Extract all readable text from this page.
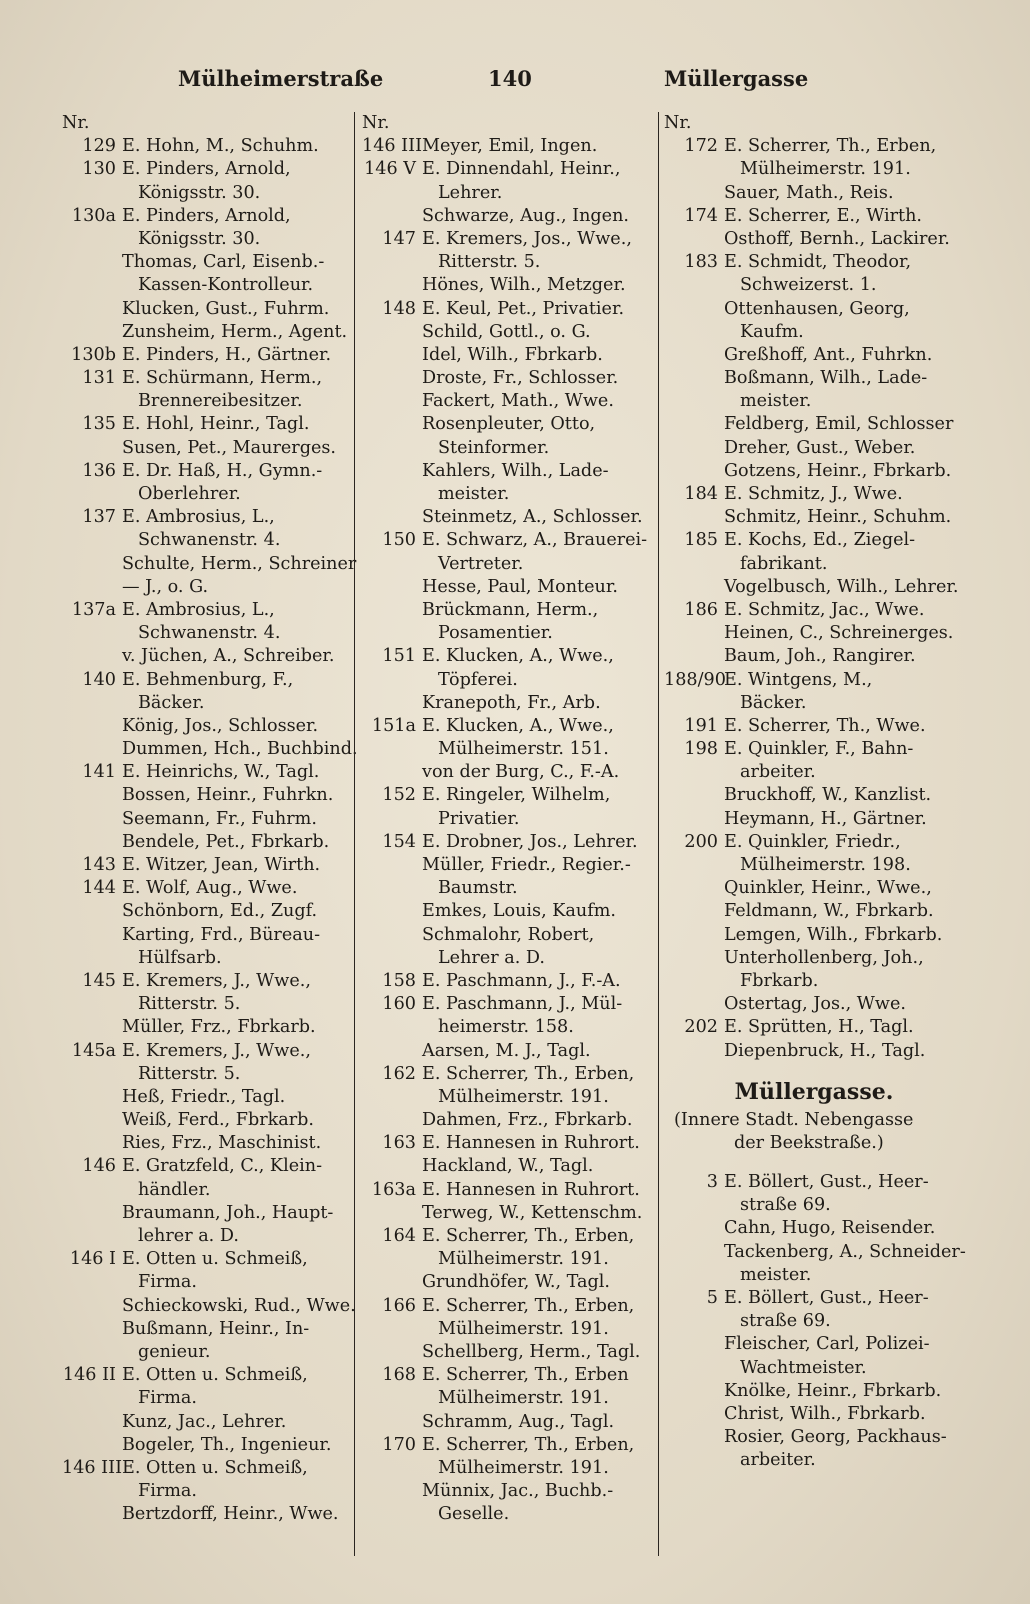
Mülheimerstraße	140	Müllergasse
Nr.
129 E. Hohn, M., Schuhm.
130 E. Pinders, Arnold,
Königsstr. 30.
130a E. Pinders, Arnold,
Königsstr. 30.
Thomas, Carl, Eisenb.-
Kassen-Kontrolleur.
Klucken, Gust., Fuhrm.
Zunsheim, Herm., Agent.
130b E. Pinders, H., Gärtner.
131 E. Schürmann, Herm.,
Brennereibesitzer.
135 E. Hohl, Heinr., Tagl.
Susen, Pet., Maurerges.
136 E. Dr. Haß, H., Gymn.-
Oberlehrer.
137 E. Ambrosius, L.,
Schwanenstr. 4.
Schulte, Herm., Schreiner
— J., o. G.
137a E. Ambrosius, L.,
Schwanenstr. 4.
v. Jüchen, A., Schreiber.
140 E. Behmenburg, F.,
Bäcker.
König, Jos., Schlosser.
Dummen, Hch., Buchbind.
141 E. Heinrichs, W., Tagl.
Bossen, Heinr., Fuhrkn.
Seemann, Fr., Fuhrm.
Bendele, Pet., Fbrkarb.
143 E. Witzer, Jean, Wirth.
144 E. Wolf, Aug., Wwe.
Schönborn, Ed., Zugf.
Karting, Frd., Büreau-
Hülfsarb.
145 E. Kremers, J., Wwe.,
Ritterstr. 5.
Müller, Frz., Fbrkarb.
145a E. Kremers, J., Wwe.,
Ritterstr. 5.
Heß, Friedr., Tagl.
Weiß, Ferd., Fbrkarb.
Ries, Frz., Maschinist.
146 E. Gratzfeld, C., Klein-
händler.
Braumann, Joh., Haupt-
lehrer a. D.
146 I E. Otten u. Schmeiß,
Firma.
Schieckowski, Rud., Wwe.
Bußmann, Heinr., In-
genieur.
146 II E. Otten u. Schmeiß,
Firma.
Kunz, Jac., Lehrer.
Bogeler, Th., Ingenieur.
146 IIIE. Otten u. Schmeiß,
Firma.
Bertzdorff, Heinr., Wwe.
Nr.
146 IIIMeyer, Emil, Ingen.
146 V E. Dinnendahl, Heinr.,
Lehrer.
Schwarze, Aug., Ingen.
147 E. Kremers, Jos., Wwe.,
Ritterstr. 5.
Hönes, Wilh., Metzger.
148 E. Keul, Pet., Privatier.
Schild, Gottl., o. G.
Idel, Wilh., Fbrkarb.
Droste, Fr., Schlosser.
Fackert, Math., Wwe.
Rosenpleuter, Otto,
Steinformer.
Kahlers, Wilh., Lade-
meister.
Steinmetz, A., Schlosser.
150 E. Schwarz, A., Brauerei-
Vertreter.
Hesse, Paul, Monteur.
Brückmann, Herm.,
Posamentier.
151 E. Klucken, A., Wwe.,
Töpferei.
Kranepoth, Fr., Arb.
151a E. Klucken, A., Wwe.,
Mülheimerstr. 151.
von der Burg, C., F.-A.
152 E. Ringeler, Wilhelm,
Privatier.
154 E. Drobner, Jos., Lehrer.
Müller, Friedr., Regier.-
Baumstr.
Emkes, Louis, Kaufm.
Schmalohr, Robert,
Lehrer a. D.
158 E. Paschmann, J., F.-A.
160 E. Paschmann, J., Mül-
heimerstr. 158.
Aarsen, M. J., Tagl.
162 E. Scherrer, Th., Erben,
Mülheimerstr. 191.
Dahmen, Frz., Fbrkarb.
163 E. Hannesen in Ruhrort.
Hackland, W., Tagl.
163a E. Hannesen in Ruhrort.
Terweg, W., Kettenschm.
164 E. Scherrer, Th., Erben,
Mülheimerstr. 191.
Grundhöfer, W., Tagl.
166 E. Scherrer, Th., Erben,
Mülheimerstr. 191.
Schellberg, Herm., Tagl.
168 E. Scherrer, Th., Erben
Mülheimerstr. 191.
Schramm, Aug., Tagl.
170 E. Scherrer, Th., Erben,
Mülheimerstr. 191.
Münnix, Jac., Buchb.-
Geselle.
Nr.
172 E. Scherrer, Th., Erben,
Mülheimerstr. 191.
Sauer, Math., Reis.
174 E. Scherrer, E., Wirth.
Osthoff, Bernh., Lackirer.
183 E. Schmidt, Theodor,
Schweizerst. 1.
Ottenhausen, Georg,
Kaufm.
Greßhoff, Ant., Fuhrkn.
Boßmann, Wilh., Lade-
meister.
Feldberg, Emil, Schlosser
Dreher, Gust., Weber.
Gotzens, Heinr., Fbrkarb.
184 E. Schmitz, J., Wwe.
Schmitz, Heinr., Schuhm.
185 E. Kochs, Ed., Ziegel-
fabrikant.
Vogelbusch, Wilh., Lehrer.
186 E. Schmitz, Jac., Wwe.
Heinen, C., Schreinerges.
Baum, Joh., Rangirer.
188/90E. Wintgens, M.,
Bäcker.
191 E. Scherrer, Th., Wwe.
198 E. Quinkler, F., Bahn-
arbeiter.
Bruckhoff, W., Kanzlist.
Heymann, H., Gärtner.
200 E. Quinkler, Friedr.,
Mülheimerstr. 198.
Quinkler, Heinr., Wwe.,
Feldmann, W., Fbrkarb.
Lemgen, Wilh., Fbrkarb.
Unterhollenberg, Joh.,
Fbrkarb.
Ostertag, Jos., Wwe.
202 E. Sprütten, H., Tagl.
Diepenbruck, H., Tagl.
Müllergasse.
(Innere Stadt. Nebengasse
der Beekstraße.)
3 E. Böllert, Gust., Heer-
straße 69.
Cahn, Hugo, Reisender.
Tackenberg, A., Schneider-
meister.
5 E. Böllert, Gust., Heer-
straße 69.
Fleischer, Carl, Polizei-
Wachtmeister.
Knölke, Heinr., Fbrkarb.
Christ, Wilh., Fbrkarb.
Rosier, Georg, Packhaus-
arbeiter.
